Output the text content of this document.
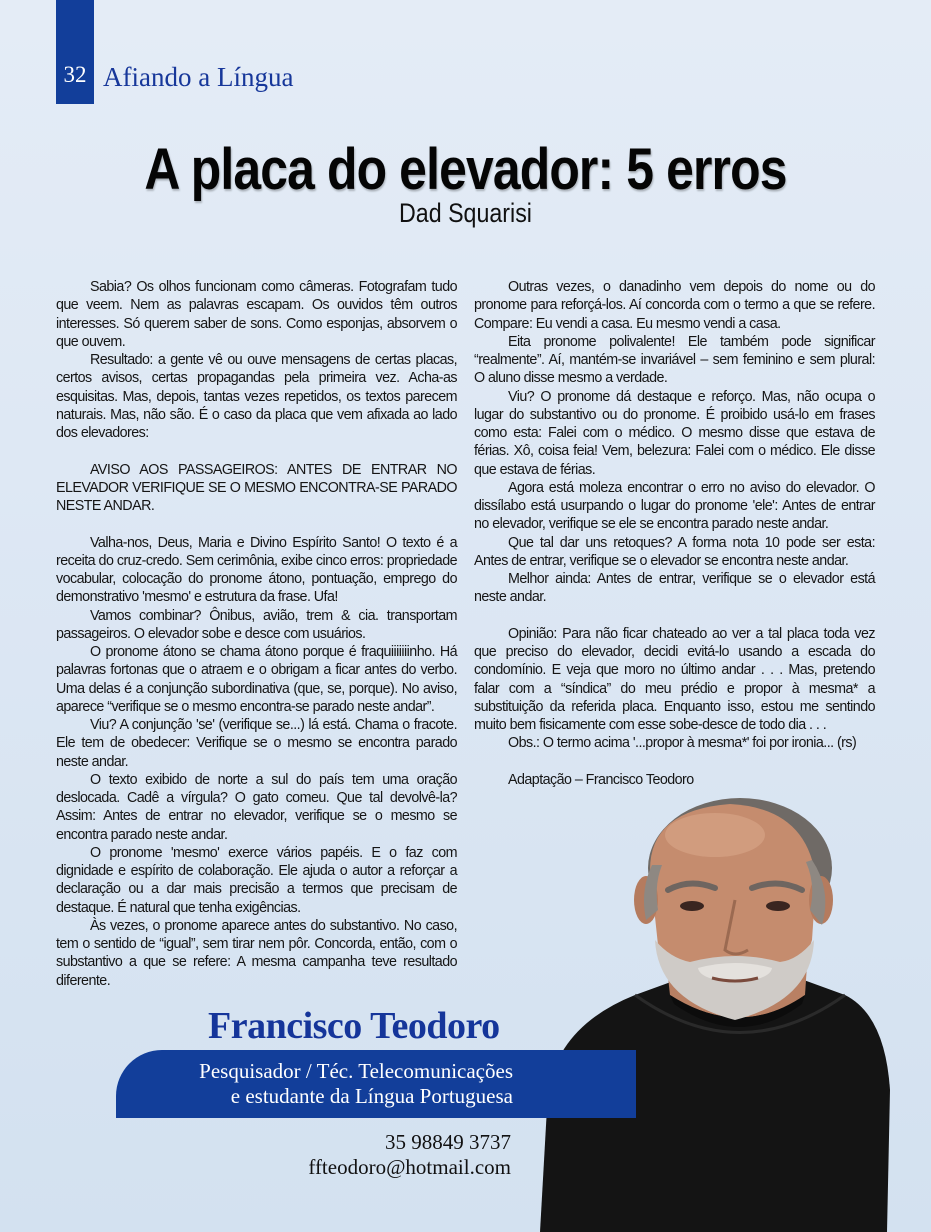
32 Afiando a Língua
A placa do elevador: 5 erros
Dad Squarisi

Sabia? Os olhos funcionam como câmeras. Fotografam tudo que veem. Nem as palavras escapam. Os ouvidos têm outros interesses. Só querem saber de sons. Como esponjas, absorvem o que ouvem.

Resultado: a gente vê ou ouve mensagens de certas placas, certos avisos, certas propagandas pela primeira vez. Acha-as esquisitas. Mas, depois, tantas vezes repetidos, os textos parecem naturais. Mas, não são. É o caso da placa que vem afixada ao lado dos elevadores:

AVISO AOS PASSAGEIROS: ANTES DE ENTRAR NO ELEVADOR VERIFIQUE SE O MESMO ENCONTRA-SE PARADO NESTE ANDAR.

Valha-nos, Deus, Maria e Divino Espírito Santo! O texto é a receita do cruz-credo. Sem cerimônia, exibe cinco erros: propriedade vocabular, colocação do pronome átono, pontuação, emprego do demonstrativo 'mesmo' e estrutura da frase. Ufa!

Vamos combinar? Ônibus, avião, trem & cia. transportam passageiros. O elevador sobe e desce com usuários.

O pronome átono se chama átono porque é fraquiiiiiiinho. Há palavras fortonas que o atraem e o obrigam a ficar antes do verbo. Uma delas é a conjunção subordinativa (que, se, porque). No aviso, aparece “verifique se o mesmo encontra-se parado neste andar”.

Viu? A conjunção 'se' (verifique se...) lá está. Chama o fracote. Ele tem de obedecer: Verifique se o mesmo se encontra parado neste andar.

O texto exibido de norte a sul do país tem uma oração deslocada. Cadê a vírgula? O gato comeu. Que tal devolvê-la? Assim: Antes de entrar no elevador, verifique se o mesmo se encontra parado neste andar.

O pronome 'mesmo' exerce vários papéis. E o faz com dignidade e espírito de colaboração. Ele ajuda o autor a reforçar a declaração ou a dar mais precisão a termos que precisam de destaque. É natural que tenha exigências.

Às vezes, o pronome aparece antes do substantivo. No caso, tem o sentido de “igual”, sem tirar nem pôr. Concorda, então, com o substantivo a que se refere: A mesma campanha teve resultado diferente.

Outras vezes, o danadinho vem depois do nome ou do pronome para reforçá-los. Aí concorda com o termo a que se refere. Compare: Eu vendi a casa. Eu mesmo vendi a casa.

Eita pronome polivalente! Ele também pode significar “realmente”. Aí, mantém-se invariável – sem feminino e sem plural: O aluno disse mesmo a verdade.

Viu? O pronome dá destaque e reforço. Mas, não ocupa o lugar do substantivo ou do pronome. É proibido usá-lo em frases como esta: Falei com o médico. O mesmo disse que estava de férias. Xô, coisa feia! Vem, belezura: Falei com o médico. Ele disse que estava de férias.

Agora está moleza encontrar o erro no aviso do elevador. O dissílabo está usurpando o lugar do pronome 'ele': Antes de entrar no elevador, verifique se ele se encontra parado neste andar.

Que tal dar uns retoques? A forma nota 10 pode ser esta: Antes de entrar, verifique se o elevador se encontra neste andar.

Melhor ainda: Antes de entrar, verifique se o elevador está neste andar.

Opinião: Para não ficar chateado ao ver a tal placa toda vez que preciso do elevador, decidi evitá-lo usando a escada do condomínio. E veja que moro no último andar . . . Mas, pretendo falar com a “síndica” do meu prédio e propor à mesma* a substituição da referida placa. Enquanto isso, estou me sentindo muito bem fisicamente com esse sobe-desce de todo dia . . .

Obs.: O termo acima '...propor à mesma*' foi por ironia... (rs)

Adaptação – Francisco Teodoro

Francisco Teodoro
Pesquisador / Téc. Telecomunicações
e estudante da Língua Portuguesa
35 98849 3737
ffteodoro@hotmail.com
